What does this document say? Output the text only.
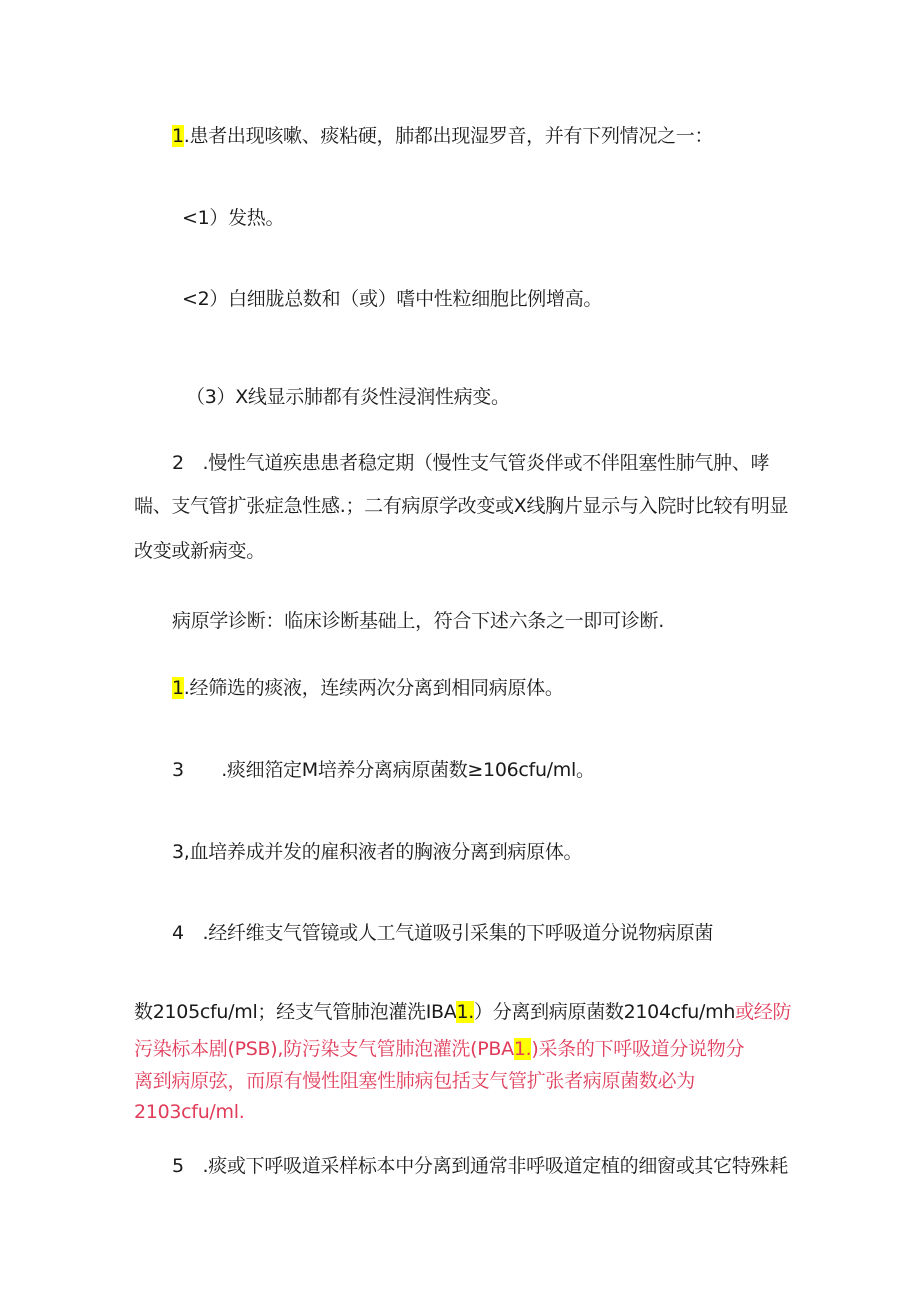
1.患者出现咳嗽、痰粘硬，肺都出现湿罗音，并有下列情况之一：
<1）发热。
<2）白细胧总数和（或）嗜中性粒细胞比例增高。
（3）X线显示肺都有炎性浸润性病变。
2 .慢性气道疾患患者稳定期（慢性支气管炎伴或不伴阻塞性肺气肿、哮
喘、支气管扩张症急性感.；二有病原学改变或X线胸片显示与入院时比较有明显
改变或新病变。
病原学诊断：临床诊断基础上，符合下述六条之一即可诊断.
1.经筛选的痰液，连续两次分离到相同病原体。
3  .痰细箔定M培养分离病原菌数≥106cfu∕ml。
3,血培养成并发的雇积液者的胸液分离到病原体。
4 .经纤维支气管镜或人工气道吸引采集的下呼吸道分说物病原菌
数2105cfu∕ml；经支气管肺泡灌洗IBA1.）分离到病原菌数2104cfu∕mh或经防
污染标本剧(PSB),防污染支气管肺泡灌洗(PBA1.)采条的下呼吸道分说物分
离到病原弦，而原有慢性阻塞性肺病包括支气管扩张者病原菌数必为
2103cfu∕ml.
5 .痰或下呼吸道采样标本中分离到通常非呼吸道定植的细窗或其它特殊耗
